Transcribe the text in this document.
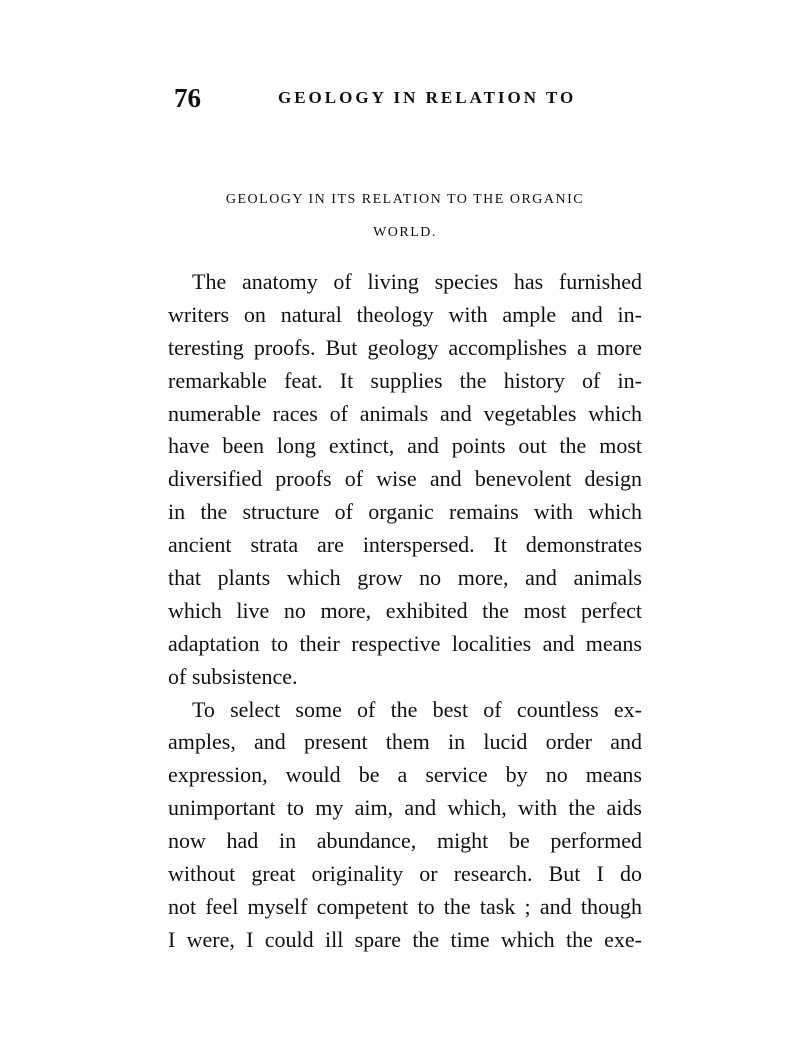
76	GEOLOGY IN RELATION TO
GEOLOGY IN ITS RELATION TO THE ORGANIC
WORLD.
The anatomy of living species has furnished
writers on natural theology with ample and in-
teresting proofs. But geology accomplishes a more
remarkable feat. It supplies the history of in-
numerable races of animals and vegetables which
have been long extinct, and points out the most
diversified proofs of wise and benevolent design
in the structure of organic remains with which
ancient strata are interspersed. It demonstrates
that plants which grow no more, and animals
which live no more, exhibited the most perfect
adaptation to their respective localities and means
of subsistence.
To select some of the best of countless ex-
amples, and present them in lucid order and
expression, would be a service by no means
unimportant to my aim, and which, with the aids
now had in abundance, might be performed
without great originality or research. But I do
not feel myself competent to the task ; and though
I were, I could ill spare the time which the exe-
